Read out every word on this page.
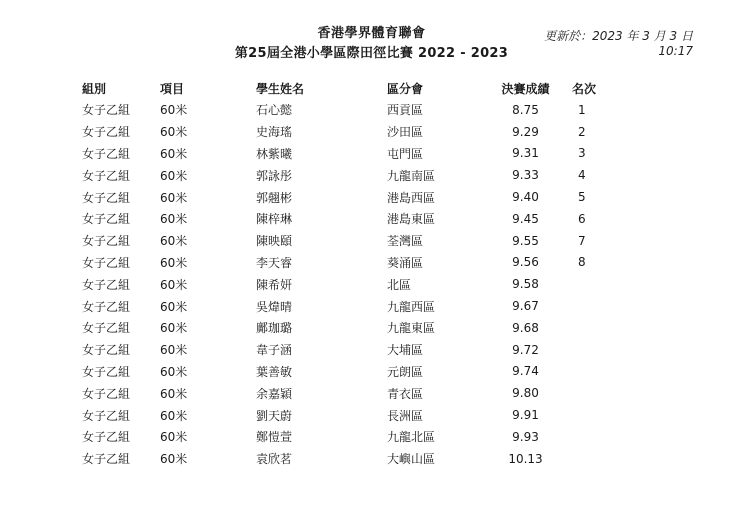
香港學界體育聯會
第25屆全港小學區際田徑比賽 2022 - 2023
更新於：2023 年 3 月 3 日
10:17
組別	項目	學生姓名	區分會	決賽成績	名次
女子乙組	60米	石心懿	西貢區	8.75	1
女子乙組	60米	史海瑤	沙田區	9.29	2
女子乙組	60米	林紫曦	屯門區	9.31	3
女子乙組	60米	郭詠彤	九龍南區	9.33	4
女子乙組	60米	郭翹彬	港島西區	9.40	5
女子乙組	60米	陳梓琳	港島東區	9.45	6
女子乙組	60米	陳映頤	荃灣區	9.55	7
女子乙組	60米	李天睿	葵涌區	9.56	8
女子乙組	60米	陳希妍	北區	9.58	
女子乙組	60米	吳煒晴	九龍西區	9.67	
女子乙組	60米	鄺珈璐	九龍東區	9.68	
女子乙組	60米	韋子涵	大埔區	9.72	
女子乙組	60米	葉善敏	元朗區	9.74	
女子乙組	60米	余嘉穎	青衣區	9.80	
女子乙組	60米	劉天蔚	長洲區	9.91	
女子乙組	60米	鄭愷萱	九龍北區	9.93	
女子乙組	60米	袁欣茗	大嶼山區	10.13	
